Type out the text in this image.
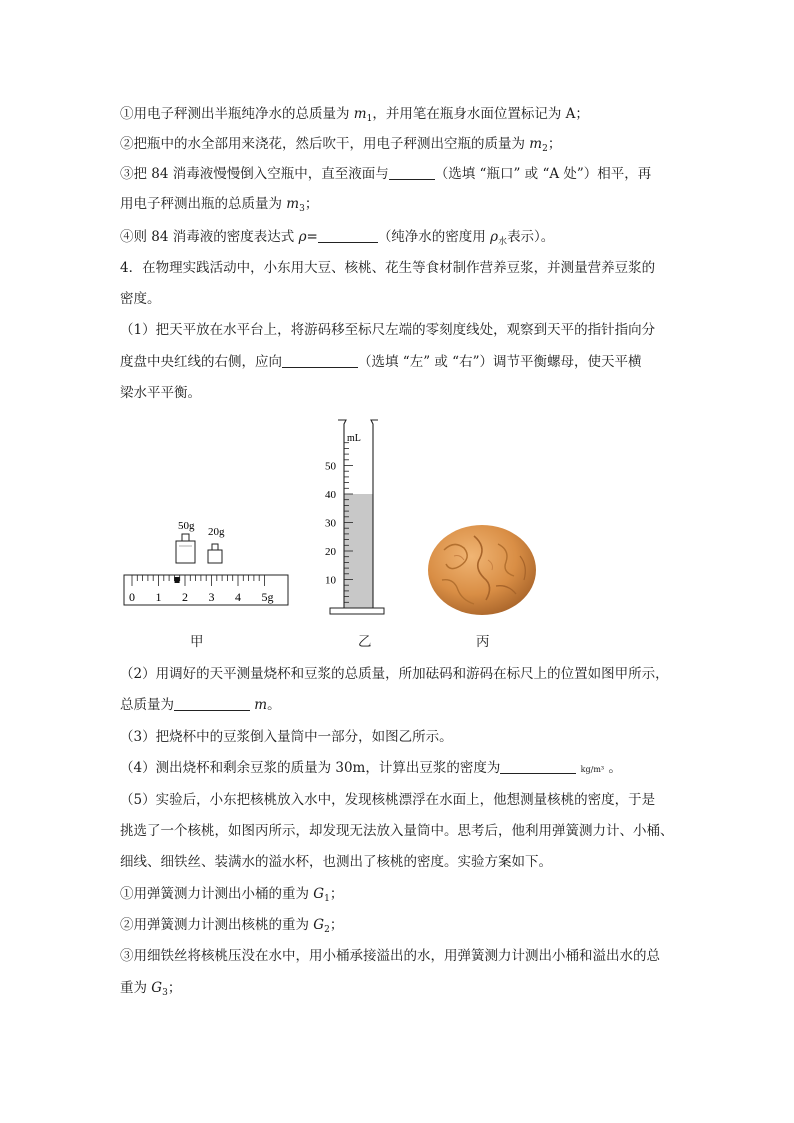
①用电子秤测出半瓶纯净水的总质量为 $m_1$，并用笔在瓶身水面位置标记为 A；
②把瓶中的水全部用来浇花，然后吹干，用电子秤测出空瓶的质量为 $m_2$；
③把 84 消毒液慢慢倒入空瓶中，直至液面与	（选填 “瓶口” 或 “A 处”）相平，再
用电子秤测出瓶的总质量为 $m_3$；
④则 84 消毒液的密度表达式 ρ=	（纯净水的密度用 $\rho_水$表示）。
4．在物理实践活动中，小东用大豆、核桃、花生等食材制作营养豆浆，并测量营养豆浆的
密度。
（1）把天平放在水平台上，将游码移至标尺左端的零刻度线处，观察到天平的指针指向分
度盘中央红线的右侧，应向	（选填 “左” 或 “右”）调节平衡螺母，使天平横
梁水平平衡。
50g 20g
0 1 2 3 4 5g
mL
50
40
30
20
10
甲	乙	丙
（2）用调好的天平测量烧杯和豆浆的总质量，所加砝码和游码在标尺上的位置如图甲所示，
总质量为	m。
（3）把烧杯中的豆浆倒入量筒中一部分，如图乙所示。
（4）测出烧杯和剩余豆浆的质量为 30m，计算出豆浆的密度为	kg/m³ 。
（5）实验后，小东把核桃放入水中，发现核桃漂浮在水面上，他想测量核桃的密度，于是
挑选了一个核桃，如图丙所示，却发现无法放入量筒中。思考后，他利用弹簧测力计、小桶、
细线、细铁丝、装满水的溢水杯，也测出了核桃的密度。实验方案如下。
①用弹簧测力计测出小桶的重为 $G_1$；
②用弹簧测力计测出核桃的重为 $G_2$；
③用细铁丝将核桃压没在水中，用小桶承接溢出的水，用弹簧测力计测出小桶和溢出水的总
重为 $G_3$；
